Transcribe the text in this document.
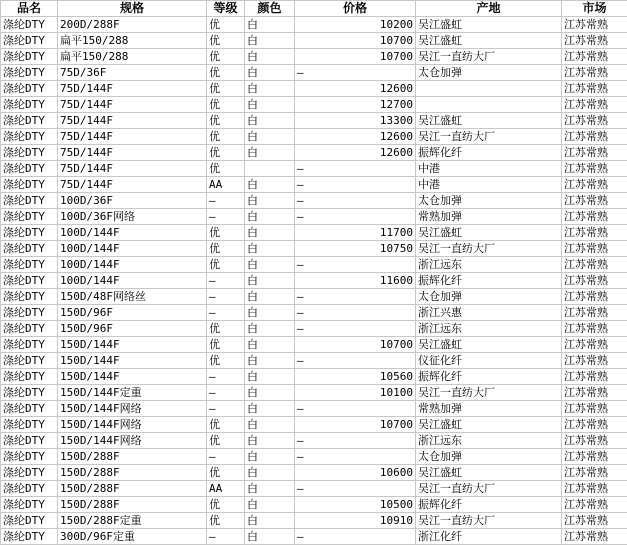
品名	规格	等级	颜色	价格	产地	市场
涤纶DTY	200D/288F	优	白	10200	吴江盛虹	江苏常熟
涤纶DTY	扁平150/288	优	白	10700	吴江盛虹	江苏常熟
涤纶DTY	扁平150/288	优	白	10700	吴江一直纺大厂	江苏常熟
涤纶DTY	75D/36F	优	白	—	太仓加弹	江苏常熟
涤纶DTY	75D/144F	优	白	12600		江苏常熟
涤纶DTY	75D/144F	优	白	12700		江苏常熟
涤纶DTY	75D/144F	优	白	13300	吴江盛虹	江苏常熟
涤纶DTY	75D/144F	优	白	12600	吴江一直纺大厂	江苏常熟
涤纶DTY	75D/144F	优	白	12600	振辉化纤	江苏常熟
涤纶DTY	75D/144F	优		—	中港	江苏常熟
涤纶DTY	75D/144F	AA	白	—	中港	江苏常熟
涤纶DTY	100D/36F	—	白	—	太仓加弹	江苏常熟
涤纶DTY	100D/36F网络	—	白	—	常熟加弹	江苏常熟
涤纶DTY	100D/144F	优	白	11700	吴江盛虹	江苏常熟
涤纶DTY	100D/144F	优	白	10750	吴江一直纺大厂	江苏常熟
涤纶DTY	100D/144F	优	白	—	浙江远东	江苏常熟
涤纶DTY	100D/144F	—	白	11600	振辉化纤	江苏常熟
涤纶DTY	150D/48F网络丝	—	白	—	太仓加弹	江苏常熟
涤纶DTY	150D/96F	—	白	—	浙江兴惠	江苏常熟
涤纶DTY	150D/96F	优	白	—	浙江远东	江苏常熟
涤纶DTY	150D/144F	优	白	10700	吴江盛虹	江苏常熟
涤纶DTY	150D/144F	优	白	—	仪征化纤	江苏常熟
涤纶DTY	150D/144F	—	白	10560	振辉化纤	江苏常熟
涤纶DTY	150D/144F定重	—	白	10100	吴江一直纺大厂	江苏常熟
涤纶DTY	150D/144F网络	—	白	—	常熟加弹	江苏常熟
涤纶DTY	150D/144F网络	优	白	10700	吴江盛虹	江苏常熟
涤纶DTY	150D/144F网络	优	白	—	浙江远东	江苏常熟
涤纶DTY	150D/288F	—	白	—	太仓加弹	江苏常熟
涤纶DTY	150D/288F	优	白	10600	吴江盛虹	江苏常熟
涤纶DTY	150D/288F	AA	白	—	吴江一直纺大厂	江苏常熟
涤纶DTY	150D/288F	优	白	10500	振辉化纤	江苏常熟
涤纶DTY	150D/288F定重	优	白	10910	吴江一直纺大厂	江苏常熟
涤纶DTY	300D/96F定重	—	白	—	浙江化纤	江苏常熟
